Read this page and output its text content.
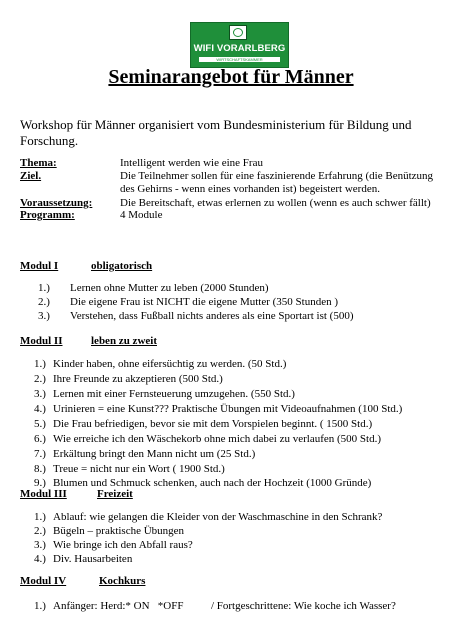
WIFI VORARLBERG
WIRTSCHAFTSKAMMER
Seminarangebot für Männer
Workshop für Männer organisiert vom Bundesministerium für Bildung und Forschung.
Thema:	Intelligent werden wie eine Frau
Ziel.	Die Teilnehmer sollen für eine faszinierende Erfahrung (die Benützung
des Gehirns - wenn eines vorhanden ist) begeistert werden.
Voraussetzung:	Die Bereitschaft, etwas erlernen zu wollen (wenn es auch schwer fällt)
Programm:	4 Module
Modul I	obligatorisch
1.) Lernen ohne Mutter zu leben (2000 Stunden)
2.) Die eigene Frau ist NICHT die eigene Mutter (350 Stunden )
3.) Verstehen, dass Fußball nichts anderes als eine Sportart ist (500)
Modul II	leben zu zweit
1.) Kinder haben, ohne eifersüchtig zu werden. (50 Std.)
2.) Ihre Freunde zu akzeptieren (500 Std.)
3.) Lernen mit einer Fernsteuerung umzugehen. (550 Std.)
4.) Urinieren = eine Kunst??? Praktische Übungen mit Videoaufnahmen (100 Std.)
5.) Die Frau befriedigen, bevor sie mit dem Vorspielen beginnt. ( 1500 Std.)
6.) Wie erreiche ich den Wäschekorb ohne mich dabei zu verlaufen (500 Std.)
7.) Erkältung bringt den Mann nicht um (25 Std.)
8.) Treue = nicht nur ein Wort ( 1900 Std.)
9.) Blumen und Schmuck schenken, auch nach der Hochzeit (1000 Gründe)
Modul III	Freizeit
1.) Ablauf: wie gelangen die Kleider von der Waschmaschine in den Schrank?
2.) Bügeln – praktische Übungen
3.) Wie bringe ich den Abfall raus?
4.) Div. Hausarbeiten
Modul IV	Kochkurs
1.) Anfänger: Herd:* ON   *OFF          / Fortgeschrittene: Wie koche ich Wasser?
